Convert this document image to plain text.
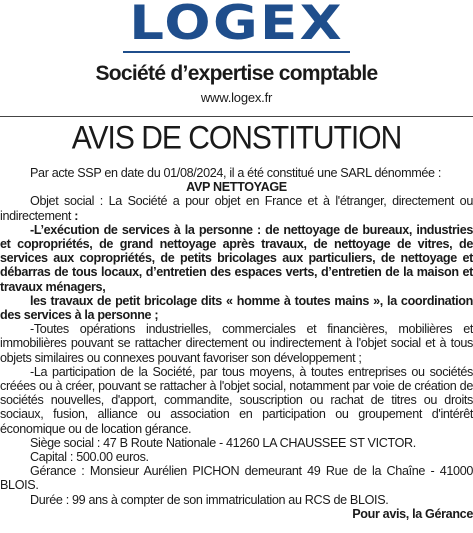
LOGEX
Société d’expertise comptable
www.logex.fr
AVIS DE CONSTITUTION

Par acte SSP en date du 01/08/2024, il a été constitué une SARL dénommée :

AVP NETTOYAGE

Objet social : La Société a pour objet en France et à l'étranger, directement ou indirectement :

-L’exécution de services à la personne : de nettoyage de bureaux, industries et copropriétés, de grand nettoyage après travaux, de nettoyage de vitres, de services aux copropriétés, de petits bricolages aux particuliers, de nettoyage et débarras de tous locaux, d’entretien des espaces verts, d’entretien de la maison et travaux ménagers,

les travaux de petit bricolage dits « homme à toutes mains », la coordination des services à la personne ;

-Toutes opérations industrielles, commerciales et financières, mobilières et immobilières pouvant se rattacher directement ou indirectement à l'objet social et à tous objets similaires ou connexes pouvant favoriser son développement ;

-La participation de la Société, par tous moyens, à toutes entreprises ou sociétés créées ou à créer, pouvant se rattacher à l'objet social, notamment par voie de création de sociétés nouvelles, d'apport, commandite, souscription ou rachat de titres ou droits sociaux, fusion, alliance ou association en participation ou groupement d'intérêt économique ou de location gérance.

Siège social : 47 B Route Nationale - 41260 LA CHAUSSEE ST VICTOR.

Capital : 500.00 euros.

Gérance : Monsieur Aurélien PICHON demeurant 49 Rue de la Chaîne - 41000 BLOIS.

Durée : 99 ans à compter de son immatriculation au RCS de BLOIS.

Pour avis, la Gérance
